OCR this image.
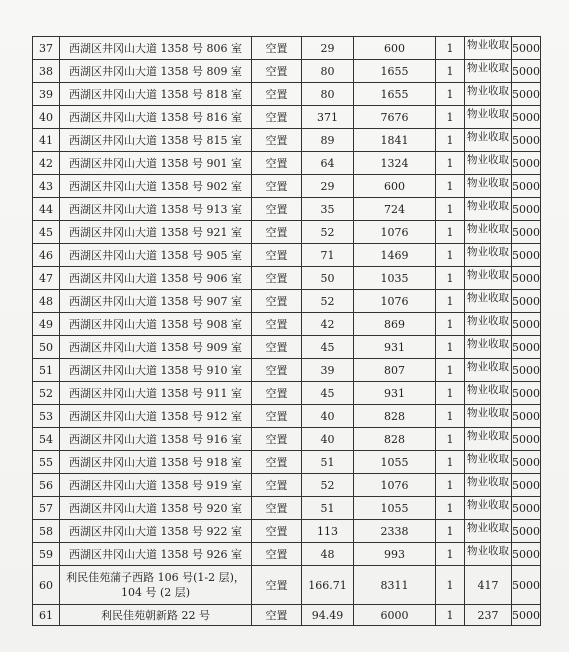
37	西湖区井冈山大道 1358 号 806 室	空置	29	600	1	物业收取	5000
38	西湖区井冈山大道 1358 号 809 室	空置	80	1655	1	物业收取	5000
39	西湖区井冈山大道 1358 号 818 室	空置	80	1655	1	物业收取	5000
40	西湖区井冈山大道 1358 号 816 室	空置	371	7676	1	物业收取	5000
41	西湖区井冈山大道 1358 号 815 室	空置	89	1841	1	物业收取	5000
42	西湖区井冈山大道 1358 号 901 室	空置	64	1324	1	物业收取	5000
43	西湖区井冈山大道 1358 号 902 室	空置	29	600	1	物业收取	5000
44	西湖区井冈山大道 1358 号 913 室	空置	35	724	1	物业收取	5000
45	西湖区井冈山大道 1358 号 921 室	空置	52	1076	1	物业收取	5000
46	西湖区井冈山大道 1358 号 905 室	空置	71	1469	1	物业收取	5000
47	西湖区井冈山大道 1358 号 906 室	空置	50	1035	1	物业收取	5000
48	西湖区井冈山大道 1358 号 907 室	空置	52	1076	1	物业收取	5000
49	西湖区井冈山大道 1358 号 908 室	空置	42	869	1	物业收取	5000
50	西湖区井冈山大道 1358 号 909 室	空置	45	931	1	物业收取	5000
51	西湖区井冈山大道 1358 号 910 室	空置	39	807	1	物业收取	5000
52	西湖区井冈山大道 1358 号 911 室	空置	45	931	1	物业收取	5000
53	西湖区井冈山大道 1358 号 912 室	空置	40	828	1	物业收取	5000
54	西湖区井冈山大道 1358 号 916 室	空置	40	828	1	物业收取	5000
55	西湖区井冈山大道 1358 号 918 室	空置	51	1055	1	物业收取	5000
56	西湖区井冈山大道 1358 号 919 室	空置	52	1076	1	物业收取	5000
57	西湖区井冈山大道 1358 号 920 室	空置	51	1055	1	物业收取	5000
58	西湖区井冈山大道 1358 号 922 室	空置	113	2338	1	物业收取	5000
59	西湖区井冈山大道 1358 号 926 室	空置	48	993	1	物业收取	5000
60	利民佳苑蒲子西路 106 号(1-2 层)，104 号 (2 层)	空置	166.71	8311	1	417	5000
61	利民佳苑朝新路 22 号	空置	94.49	6000	1	237	5000
